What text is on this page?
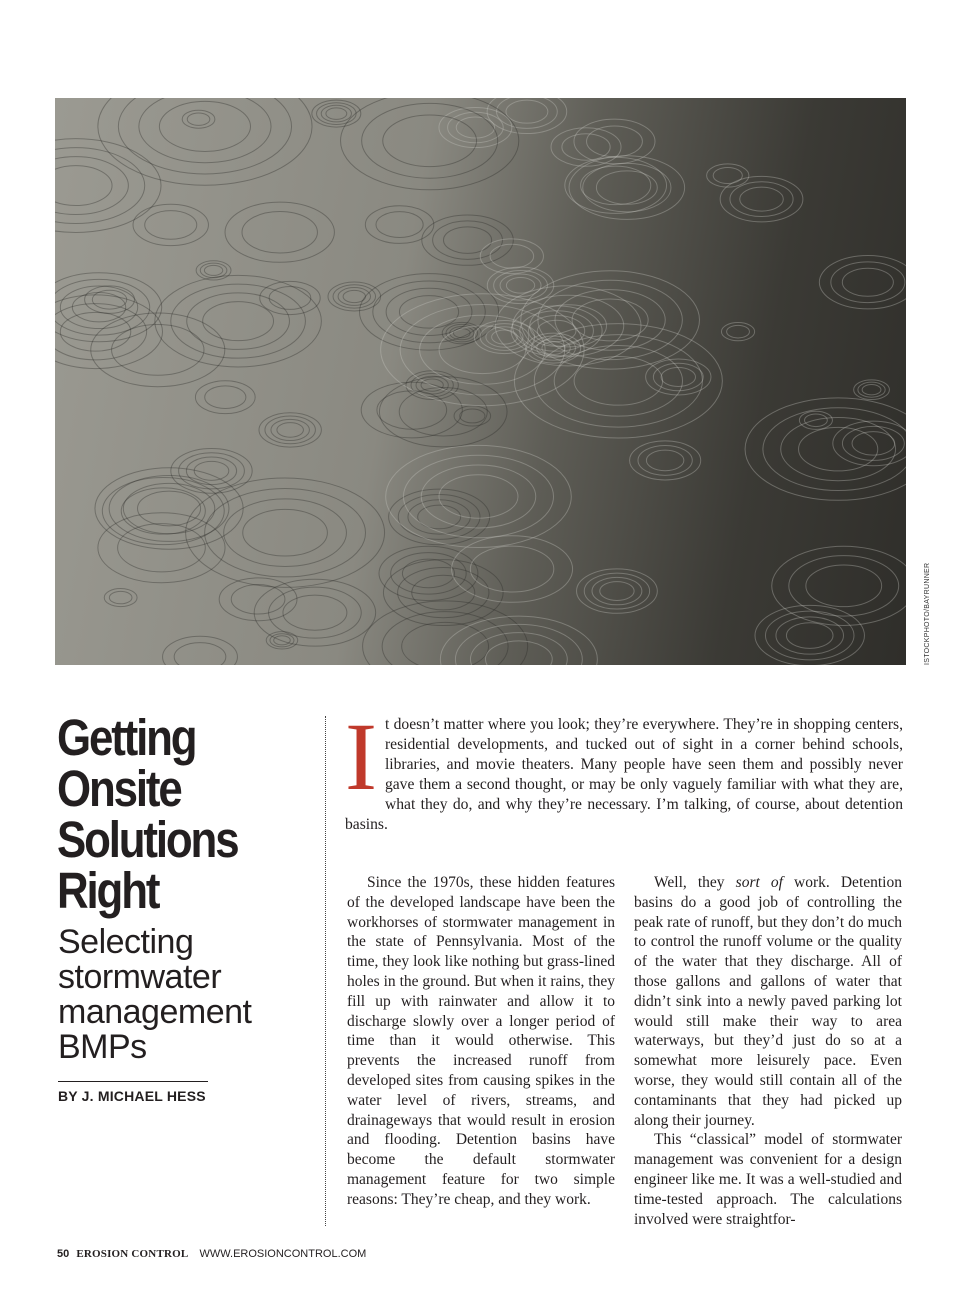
ISTOCKPHOTO/BAYRUNNER
Getting
Onsite
Solutions
Right
Selecting
stormwater
management
BMPs
BY J. MICHAEL HESS
I t doesn’t matter where you look; they’re everywhere. They’re in shopping centers, residential developments, and tucked out of sight in a corner behind schools, libraries, and movie theaters. Many people have seen them and possibly never gave them a second thought, or may be only vaguely familiar with what they are, what they do, and why they’re necessary. I’m talking, of course, about detention basins.

Since the 1970s, these hidden features of the developed landscape have been the workhorses of stormwater management in the state of Pennsylvania. Most of the time, they look like nothing but grass-lined holes in the ground. But when it rains, they fill up with rainwater and allow it to discharge slowly over a longer period of time than it would otherwise. This prevents the increased runoff from developed sites from causing spikes in the water level of rivers, streams, and drainageways that would result in erosion and flooding. Detention basins have become the default stormwater management feature for two simple reasons: They’re cheap, and they work.

Well, they sort of work. Detention basins do a good job of controlling the peak rate of runoff, but they don’t do much to control the runoff volume or the quality of the water that they discharge. All of those gallons and gallons of water that didn’t sink into a newly paved parking lot would still make their way to area waterways, but they’d just do so at a somewhat more leisurely pace. Even worse, they would still contain all of the contaminants that they had picked up along their journey.

This “classical” model of stormwater management was convenient for a design engineer like me. It was a well-studied and time-tested approach. The calculations involved were straightfor-

50 EROSION CONTROL WWW.EROSIONCONTROL.COM
